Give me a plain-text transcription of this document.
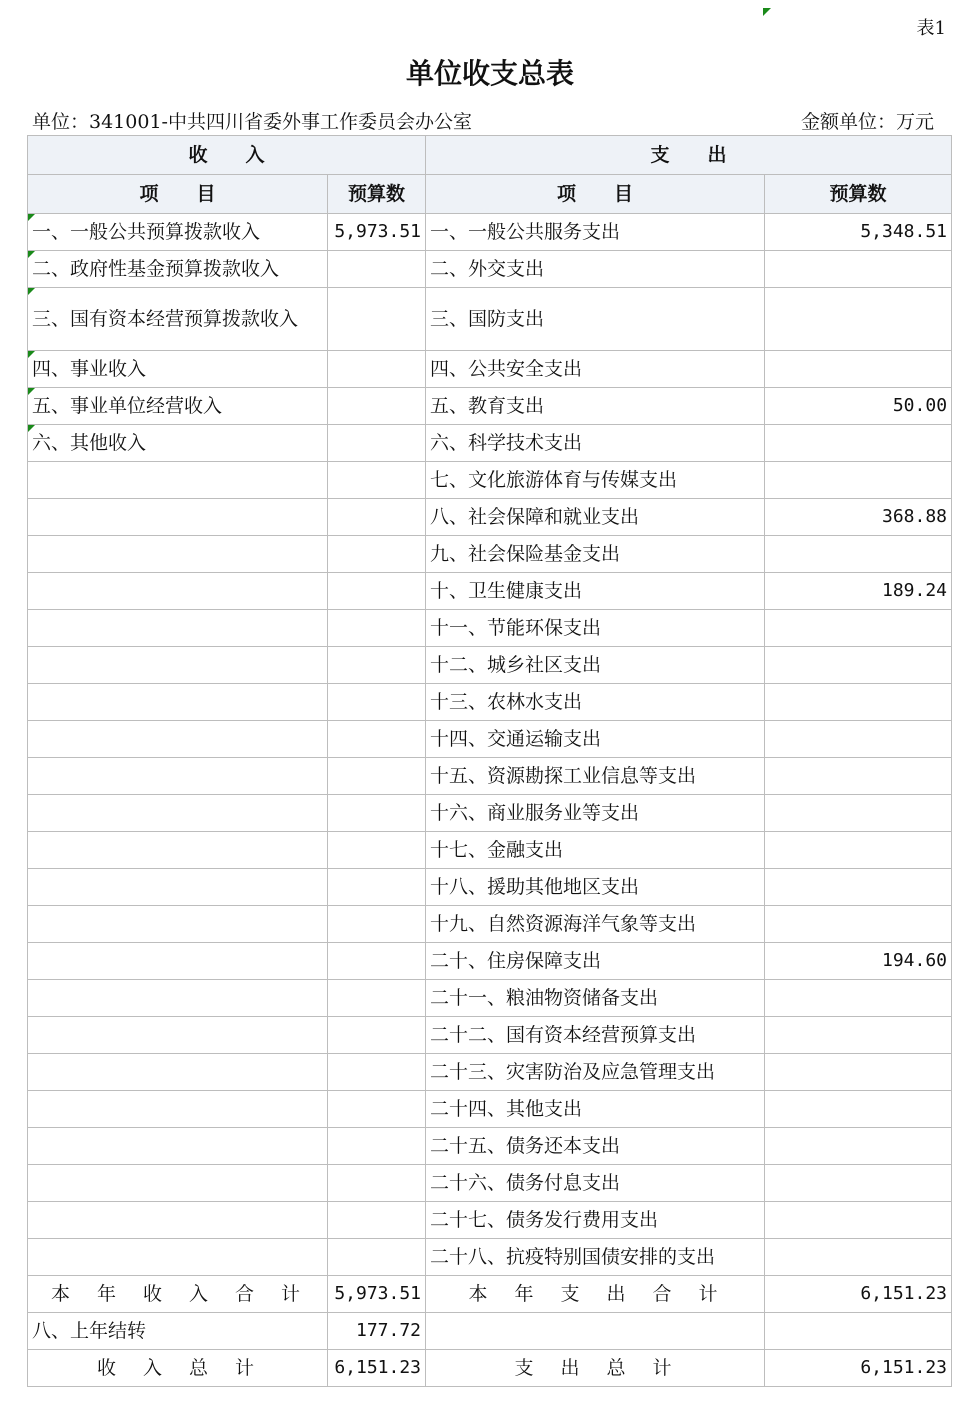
表1
单位收支总表
单位：341001-中共四川省委外事工作委员会办公室	金额单位：万元
收　　入		支　　出	
项　　目	预算数	项　　目	预算数
一、一般公共预算拨款收入	5,973.51	一、一般公共服务支出	5,348.51
二、政府性基金预算拨款收入		二、外交支出	
三、国有资本经营预算拨款收入		三、国防支出	
四、事业收入		四、公共安全支出	
五、事业单位经营收入		五、教育支出	50.00
六、其他收入		六、科学技术支出	
		七、文化旅游体育与传媒支出	
		八、社会保障和就业支出	368.88
		九、社会保险基金支出	
		十、卫生健康支出	189.24
		十一、节能环保支出	
		十二、城乡社区支出	
		十三、农林水支出	
		十四、交通运输支出	
		十五、资源勘探工业信息等支出	
		十六、商业服务业等支出	
		十七、金融支出	
		十八、援助其他地区支出	
		十九、自然资源海洋气象等支出	
		二十、住房保障支出	194.60
		二十一、粮油物资储备支出	
		二十二、国有资本经营预算支出	
		二十三、灾害防治及应急管理支出	
		二十四、其他支出	
		二十五、债务还本支出	
		二十六、债务付息支出	
		二十七、债务发行费用支出	
		二十八、抗疫特别国债安排的支出	
本　年　收　入　合　计	5,973.51	本　年　支　出　合　计	6,151.23
八、上年结转	177.72		
收　入　总　计	6,151.23	支　出　总　计	6,151.23
